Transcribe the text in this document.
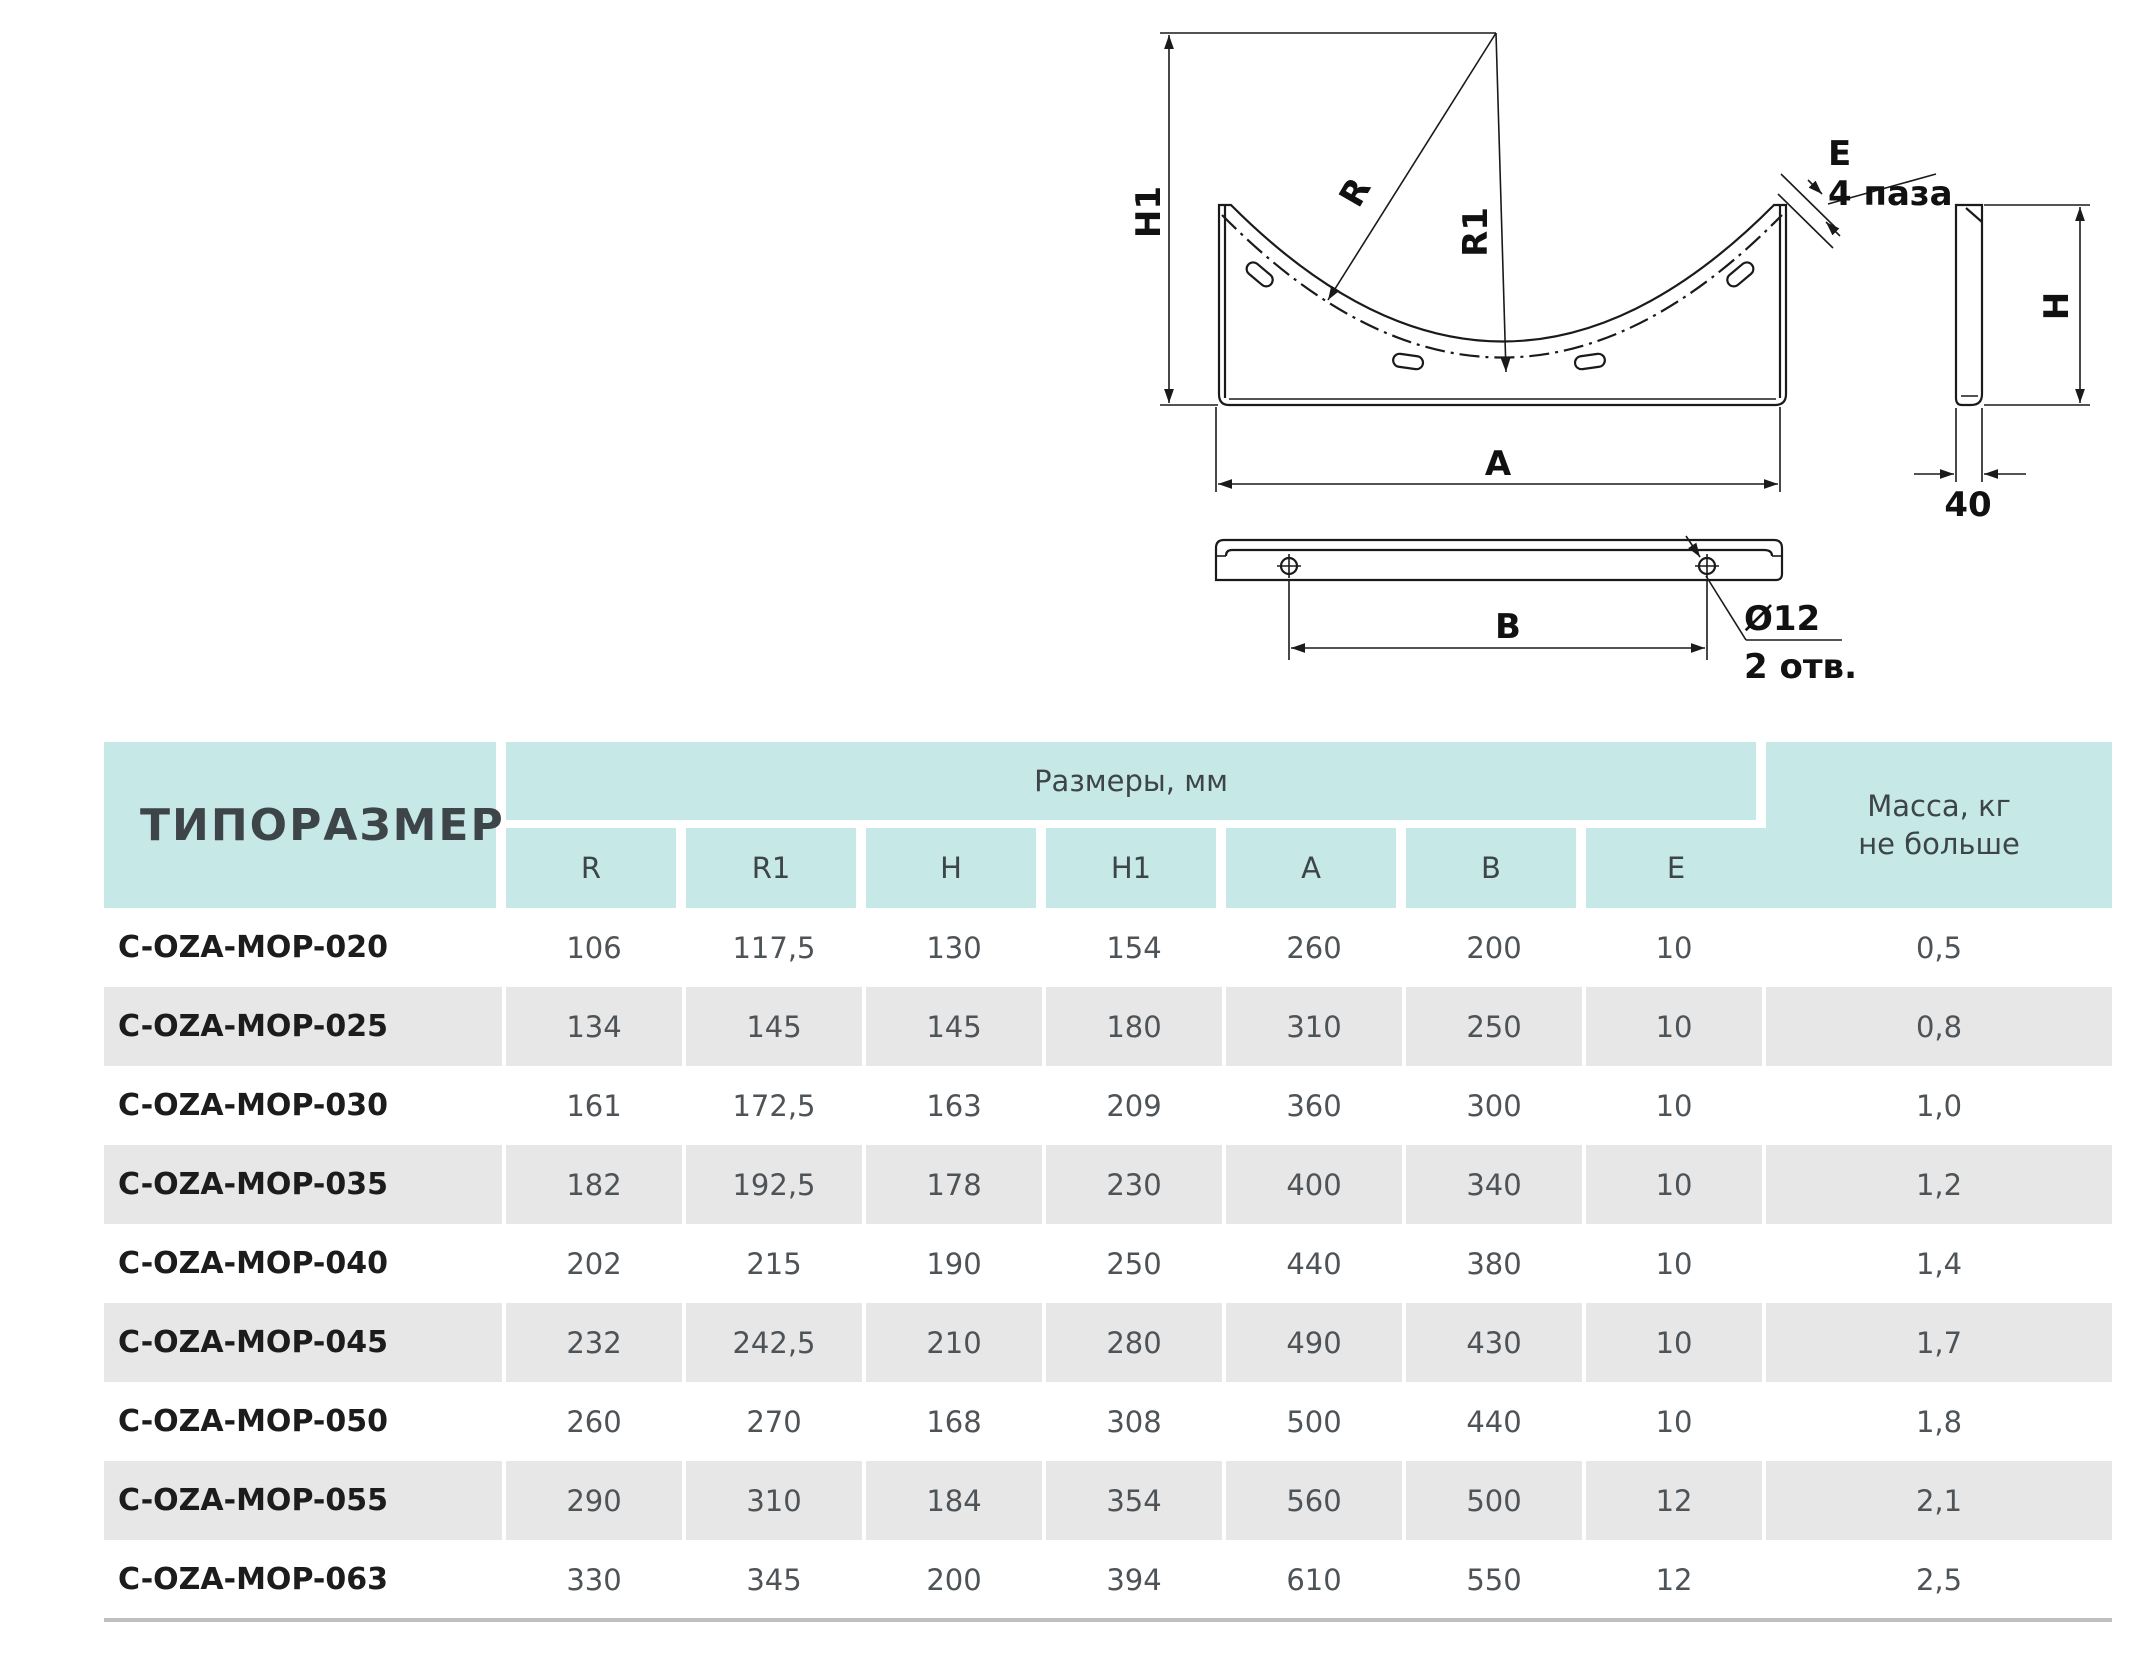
H1	R
R1
E
4 паза
A
H
40
B	Ø12
2 отв.
ТИПОРАЗМЕР	Размеры, мм							Масса, кг
не больше
	R	R1	H	H1	A	B	E	
C-OZA-MOP-020	106	117,5	130	154	260	200	10	0,5
C-OZA-MOP-025	134	145	145	180	310	250	10	0,8
C-OZA-MOP-030	161	172,5	163	209	360	300	10	1,0
C-OZA-MOP-035	182	192,5	178	230	400	340	10	1,2
C-OZA-MOP-040	202	215	190	250	440	380	10	1,4
C-OZA-MOP-045	232	242,5	210	280	490	430	10	1,7
C-OZA-MOP-050	260	270	168	308	500	440	10	1,8
C-OZA-MOP-055	290	310	184	354	560	500	12	2,1
C-OZA-MOP-063	330	345	200	394	610	550	12	2,5
